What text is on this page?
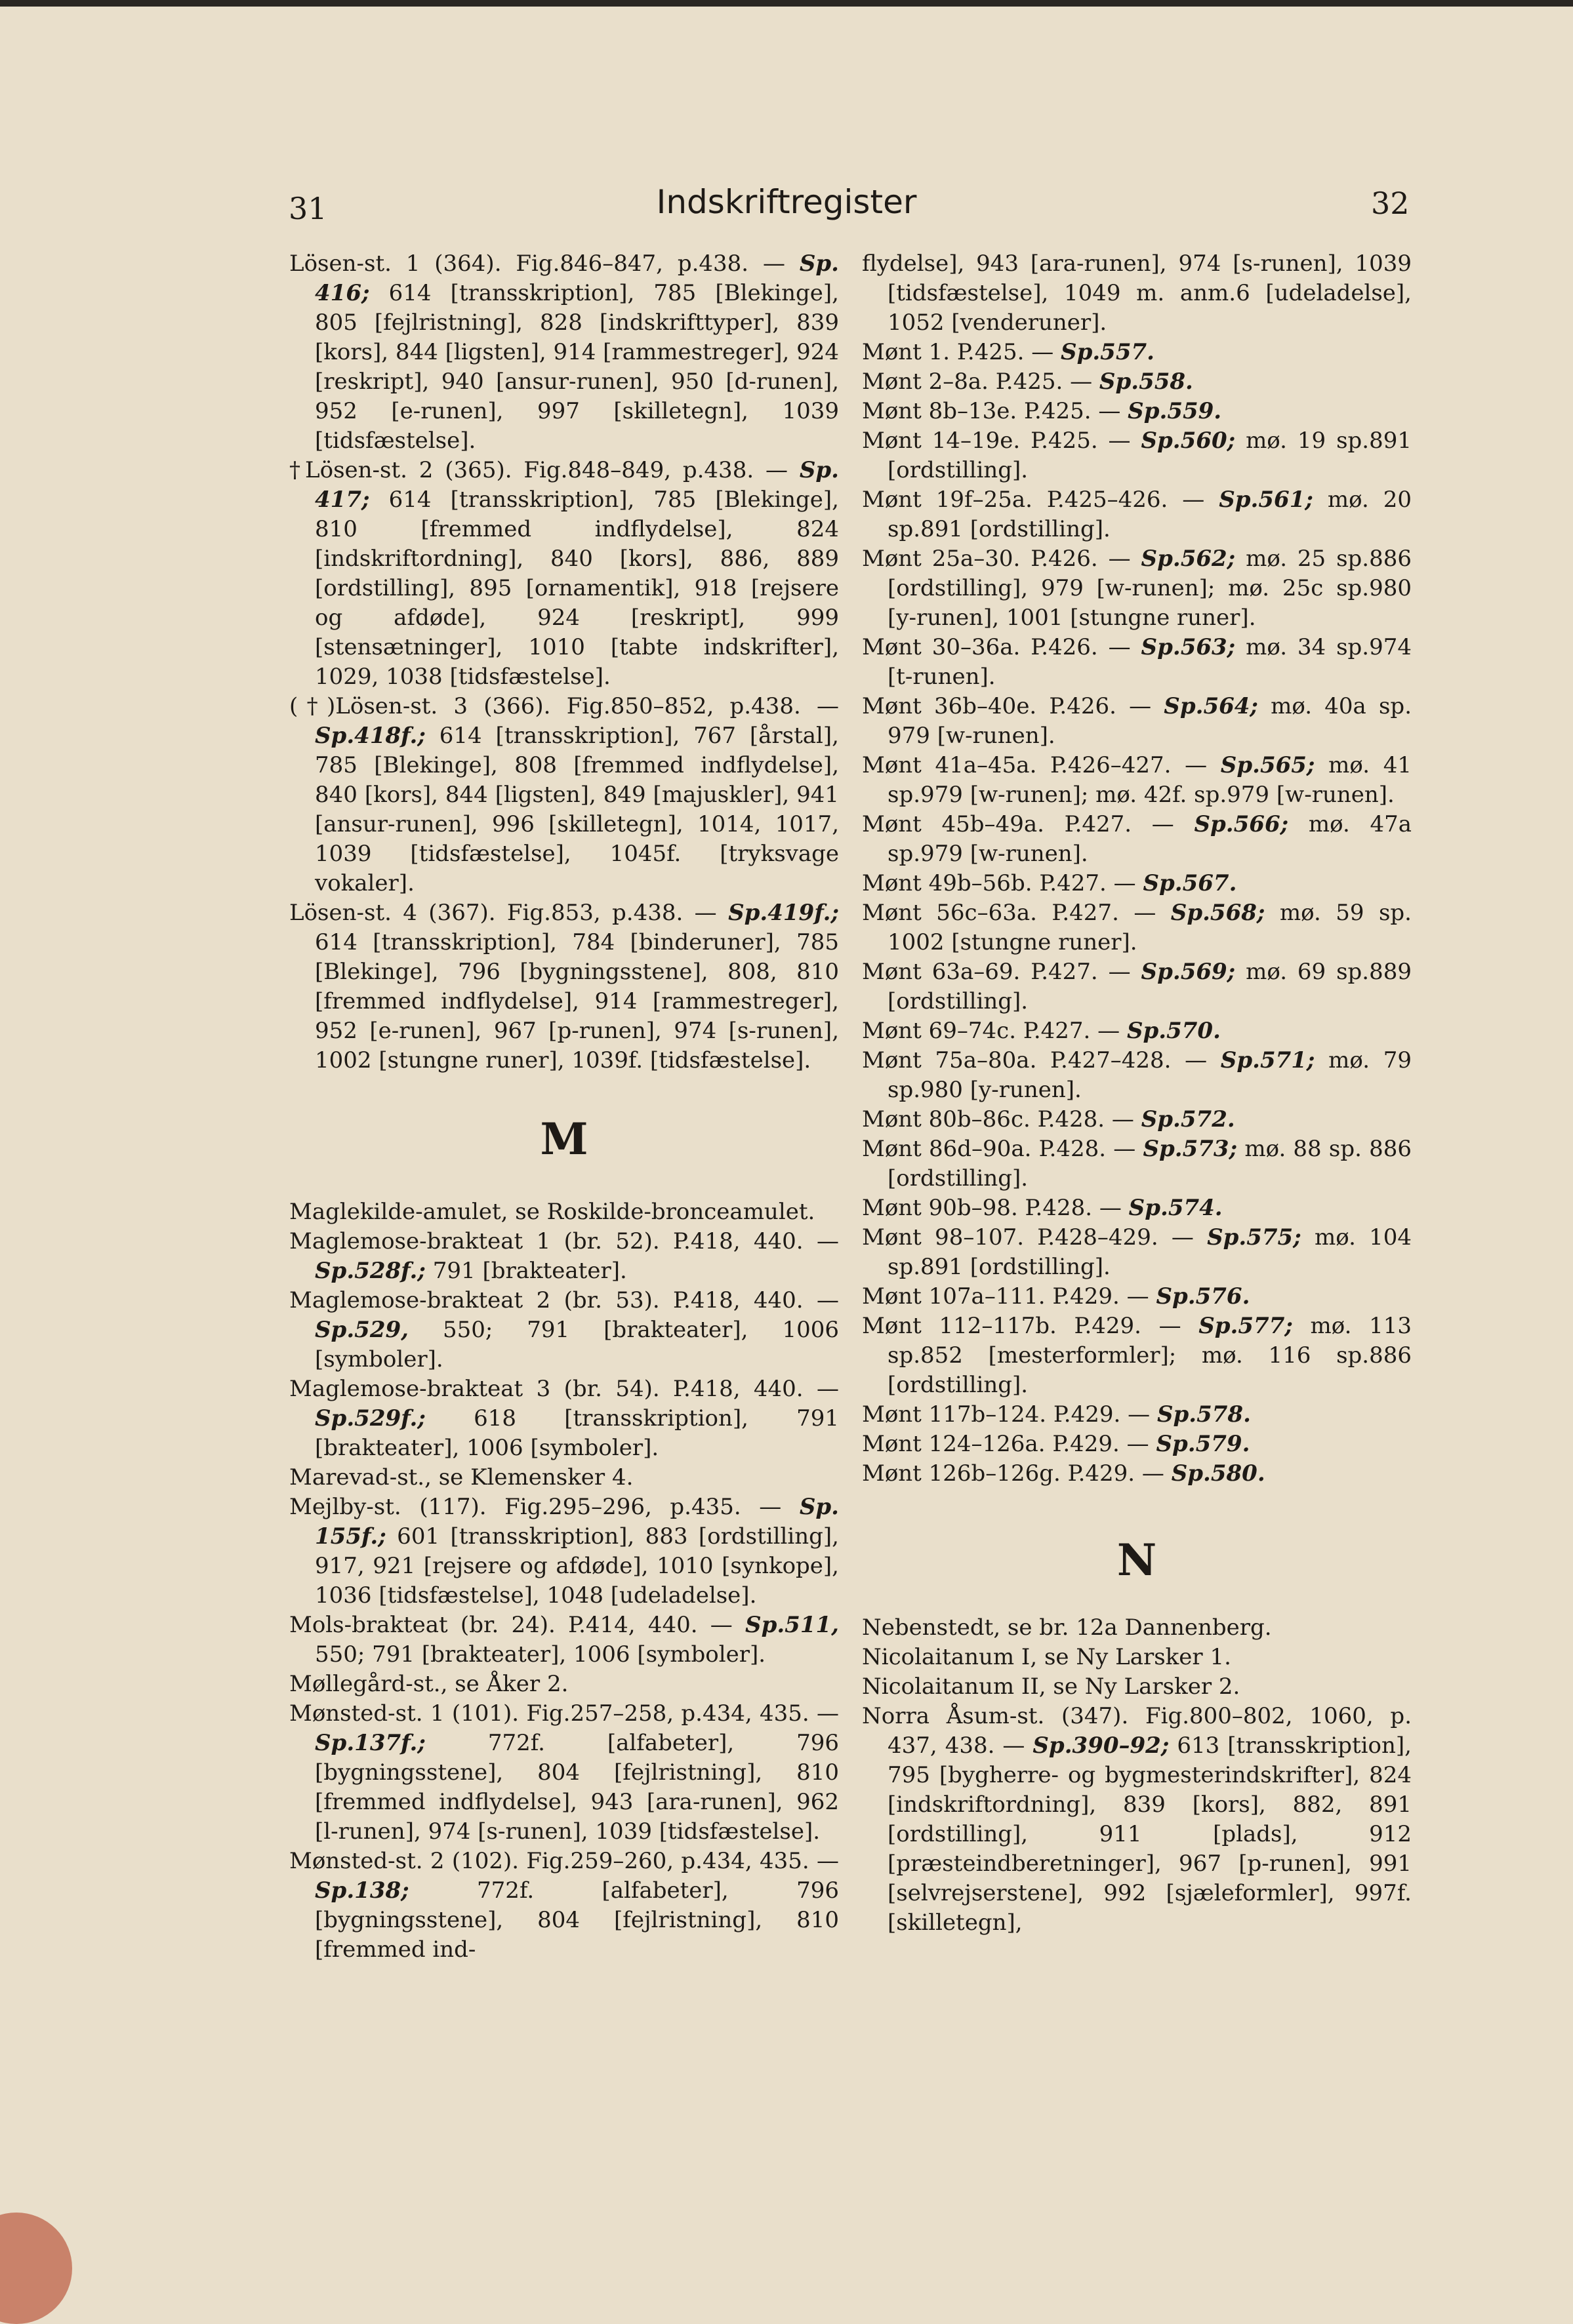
31	Indskriftregister	32
Lösen-st. 1 (364). Fig.846–847, p.438. — Sp. 416; 614 [transskription], 785 [Blekinge], 805 [fejlristning], 828 [indskrifttyper], 839 [kors], 844 [ligsten], 914 [rammestreger], 924 [reskript], 940 [ansur-runen], 950 [d-runen], 952 [e-runen], 997 [skilletegn], 1039 [tidsfæstelse].
†Lösen-st. 2 (365). Fig.848–849, p.438. — Sp. 417; 614 [transskription], 785 [Blekinge], 810 [fremmed indflydelse], 824 [indskriftordning], 840 [kors], 886, 889 [ordstilling], 895 [ornamentik], 918 [rejsere og afdøde], 924 [reskript], 999 [stensætninger], 1010 [tabte indskrifter], 1029, 1038 [tidsfæstelse].
(†)Lösen-st. 3 (366). Fig.850–852, p.438. — Sp.418f.; 614 [transskription], 767 [årstal], 785 [Blekinge], 808 [fremmed indflydelse], 840 [kors], 844 [ligsten], 849 [majuskler], 941 [ansur-runen], 996 [skilletegn], 1014, 1017, 1039 [tidsfæstelse], 1045f. [tryksvage vokaler].
Lösen-st. 4 (367). Fig.853, p.438. — Sp.419f.; 614 [transskription], 784 [binderuner], 785 [Blekinge], 796 [bygningsstene], 808, 810 [fremmed indflydelse], 914 [rammestreger], 952 [e-runen], 967 [p-runen], 974 [s-runen], 1002 [stungne runer], 1039f. [tidsfæstelse].
M
Maglekilde-amulet, se Roskilde-bronceamulet.
Maglemose-brakteat 1 (br. 52). P.418, 440. — Sp.528f.; 791 [brakteater].
Maglemose-brakteat 2 (br. 53). P.418, 440. — Sp.529, 550; 791 [brakteater], 1006 [symboler].
Maglemose-brakteat 3 (br. 54). P.418, 440. — Sp.529f.; 618 [transskription], 791 [brakteater], 1006 [symboler].
Marevad-st., se Klemensker 4.
Mejlby-st. (117). Fig.295–296, p.435. — Sp. 155f.; 601 [transskription], 883 [ordstilling], 917, 921 [rejsere og afdøde], 1010 [synkope], 1036 [tidsfæstelse], 1048 [udeladelse].
Mols-brakteat (br. 24). P.414, 440. — Sp.511, 550; 791 [brakteater], 1006 [symboler].
Møllegård-st., se Åker 2.
Mønsted-st. 1 (101). Fig.257–258, p.434, 435. — Sp.137f.; 772f. [alfabeter], 796 [bygningsstene], 804 [fejlristning], 810 [fremmed indflydelse], 943 [ara-runen], 962 [l-runen], 974 [s-runen], 1039 [tidsfæstelse].
Mønsted-st. 2 (102). Fig.259–260, p.434, 435. — Sp.138; 772f. [alfabeter], 796 [bygningsstene], 804 [fejlristning], 810 [fremmed ind-
flydelse], 943 [ara-runen], 974 [s-runen], 1039 [tidsfæstelse], 1049 m. anm.6 [udeladelse], 1052 [venderuner].
Mønt 1. P.425. — Sp.557.
Mønt 2–8a. P.425. — Sp.558.
Mønt 8b–13e. P.425. — Sp.559.
Mønt 14–19e. P.425. — Sp.560; mø. 19 sp.891 [ordstilling].
Mønt 19f–25a. P.425–426. — Sp.561; mø. 20 sp.891 [ordstilling].
Mønt 25a–30. P.426. — Sp.562; mø. 25 sp.886 [ordstilling], 979 [w-runen]; mø. 25c sp.980 [y-runen], 1001 [stungne runer].
Mønt 30–36a. P.426. — Sp.563; mø. 34 sp.974 [t-runen].
Mønt 36b–40e. P.426. — Sp.564; mø. 40a sp. 979 [w-runen].
Mønt 41a–45a. P.426–427. — Sp.565; mø. 41 sp.979 [w-runen]; mø. 42f. sp.979 [w-runen].
Mønt 45b–49a. P.427. — Sp.566; mø. 47a sp.979 [w-runen].
Mønt 49b–56b. P.427. — Sp.567.
Mønt 56c–63a. P.427. — Sp.568; mø. 59 sp. 1002 [stungne runer].
Mønt 63a–69. P.427. — Sp.569; mø. 69 sp.889 [ordstilling].
Mønt 69–74c. P.427. — Sp.570.
Mønt 75a–80a. P.427–428. — Sp.571; mø. 79 sp.980 [y-runen].
Mønt 80b–86c. P.428. — Sp.572.
Mønt 86d–90a. P.428. — Sp.573; mø. 88 sp. 886 [ordstilling].
Mønt 90b–98. P.428. — Sp.574.
Mønt 98–107. P.428–429. — Sp.575; mø. 104 sp.891 [ordstilling].
Mønt 107a–111. P.429. — Sp.576.
Mønt 112–117b. P.429. — Sp.577; mø. 113 sp.852 [mesterformler]; mø. 116 sp.886 [ordstilling].
Mønt 117b–124. P.429. — Sp.578.
Mønt 124–126a. P.429. — Sp.579.
Mønt 126b–126g. P.429. — Sp.580.
N
Nebenstedt, se br. 12a Dannenberg.
Nicolaitanum I, se Ny Larsker 1.
Nicolaitanum II, se Ny Larsker 2.
Norra Åsum-st. (347). Fig.800–802, 1060, p. 437, 438. — Sp.390–92; 613 [transskription], 795 [bygherre- og bygmesterindskrifter], 824 [indskriftordning], 839 [kors], 882, 891 [ordstilling], 911 [plads], 912 [præsteindberetninger], 967 [p-runen], 991 [selvrejserstene], 992 [sjæleformler], 997f. [skilletegn],
